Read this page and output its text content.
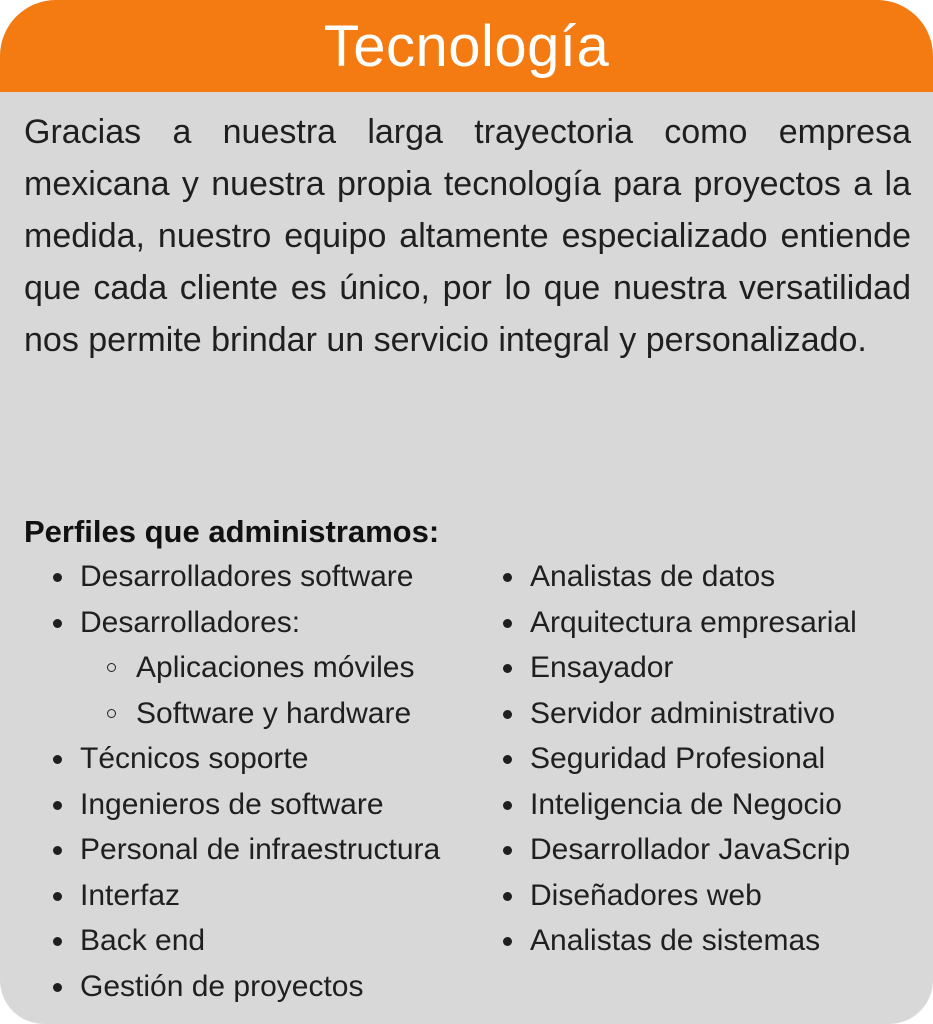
Tecnología

Gracias a nuestra larga trayectoria como empresa mexicana y nuestra propia tecnología para proyectos a la medida, nuestro equipo altamente especializado entiende que cada cliente es único, por lo que nuestra versatilidad nos permite brindar un servicio integral y personalizado.

Perfiles que administramos:
Desarrolladores software
Desarrolladores:
Aplicaciones móviles
Software y hardware
Técnicos soporte
Ingenieros de software
Personal de infraestructura
Interfaz
Back end
Gestión de proyectos
Analistas de datos
Arquitectura empresarial
Ensayador
Servidor administrativo
Seguridad Profesional
Inteligencia de Negocio
Desarrollador JavaScrip
Diseñadores web
Analistas de sistemas
